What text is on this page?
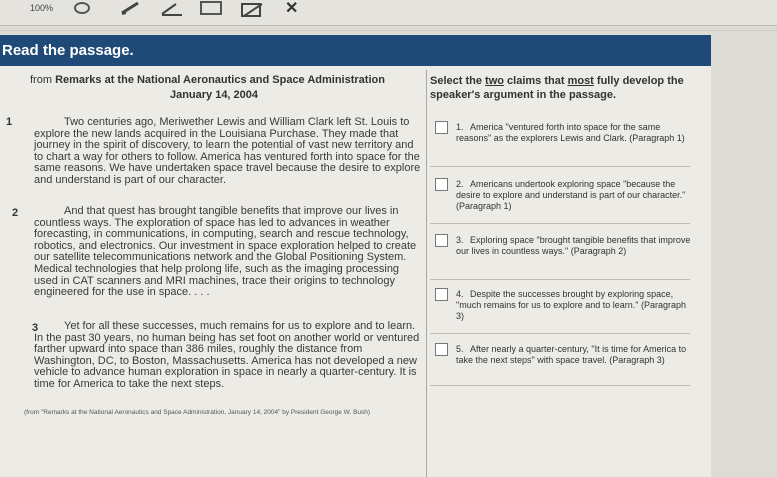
100%	✕
Read the passage.
from Remarks at the National Aeronautics and Space Administration
January 14, 2004
1	Two centuries ago, Meriwether Lewis and William Clark left St. Louis to explore the new lands acquired in the Louisiana Purchase. They made that journey in the spirit of discovery, to learn the potential of vast new territory and to chart a way for others to follow. America has ventured forth into space for the same reasons. We have undertaken space travel because the desire to explore and understand is part of our character.
2	And that quest has brought tangible benefits that improve our lives in countless ways. The exploration of space has led to advances in weather forecasting, in communications, in computing, search and rescue technology, robotics, and electronics. Our investment in space exploration helped to create our satellite telecommunications network and the Global Positioning System. Medical technologies that help prolong life, such as the imaging processing used in CAT scanners and MRI machines, trace their origins to technology engineered for the use in space. . . .
3	Yet for all these successes, much remains for us to explore and to learn. In the past 30 years, no human being has set foot on another world or ventured farther upward into space than 386 miles, roughly the distance from Washington, DC, to Boston, Massachusetts. America has not developed a new vehicle to advance human exploration in space in nearly a quarter-century. It is time for America to take the next steps.
(from "Remarks at the National Aeronautics and Space Administration, January 14, 2004" by President George W. Bush)
Select the two claims that most fully develop the speaker's argument in the passage.
1. America "ventured forth into space for the same reasons" as the explorers Lewis and Clark. (Paragraph 1)
2. Americans undertook exploring space "because the desire to explore and understand is part of our character." (Paragraph 1)
3. Exploring space "brought tangible benefits that improve our lives in countless ways." (Paragraph 2)
4. Despite the successes brought by exploring space, "much remains for us to explore and to learn." (Paragraph 3)
5. After nearly a quarter-century, "It is time for America to take the next steps" with space travel. (Paragraph 3)
